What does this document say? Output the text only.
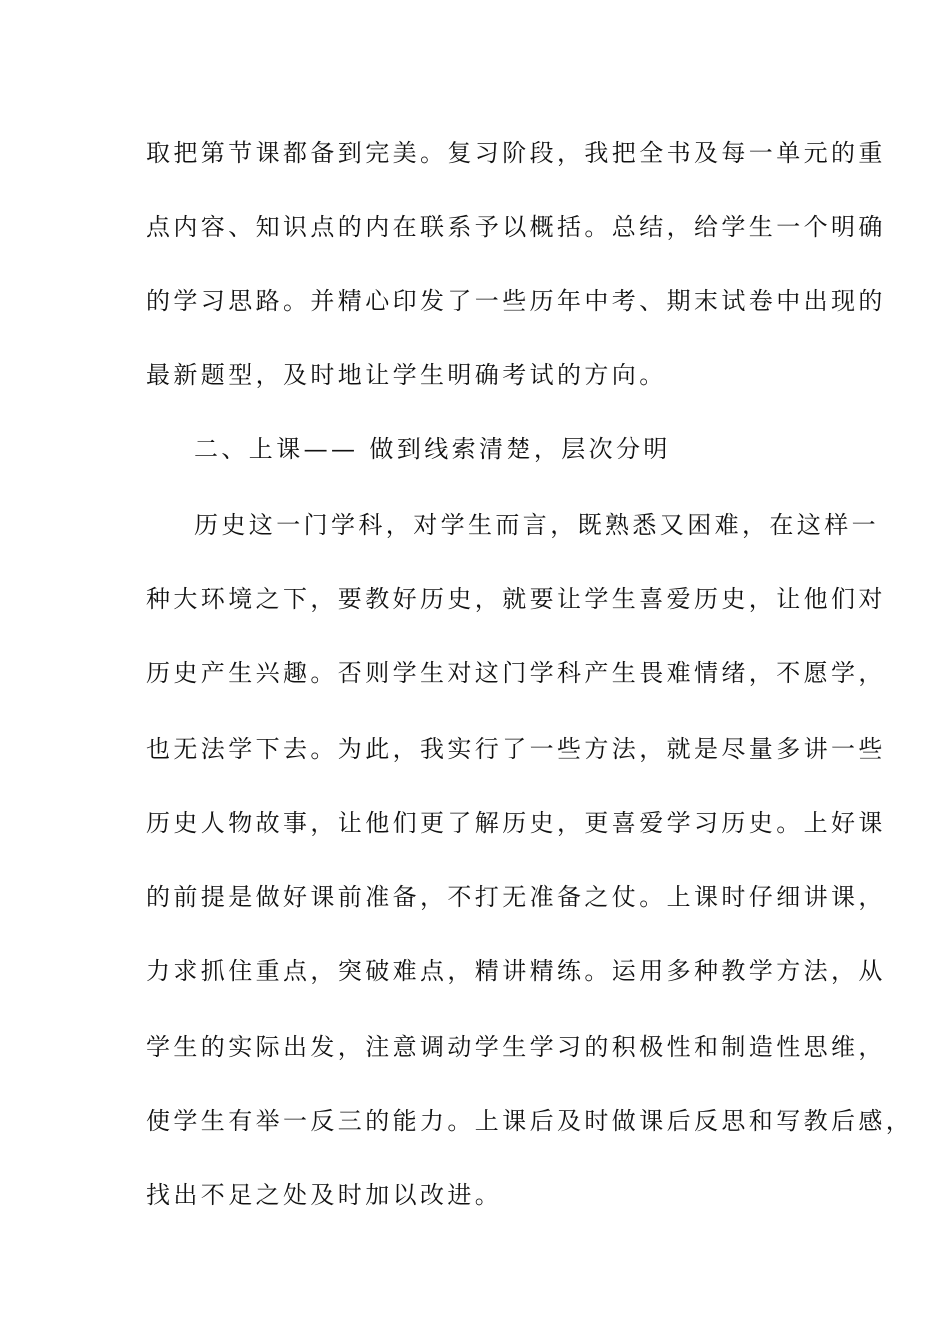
取把第节课都备到完美。复习阶段，我把全书及每一单元的重
点内容、知识点的内在联系予以概括。总结，给学生一个明确
的学习思路。并精心印发了一些历年中考、期末试卷中出现的
最新题型，及时地让学生明确考试的方向。
二、上课—— 做到线索清楚，层次分明
历史这一门学科，对学生而言，既熟悉又困难，在这样一
种大环境之下，要教好历史，就要让学生喜爱历史，让他们对
历史产生兴趣。否则学生对这门学科产生畏难情绪，不愿学，
也无法学下去。为此，我实行了一些方法，就是尽量多讲一些
历史人物故事，让他们更了解历史，更喜爱学习历史。上好课
的前提是做好课前准备，不打无准备之仗。上课时仔细讲课，
力求抓住重点，突破难点，精讲精练。运用多种教学方法，从
学生的实际出发，注意调动学生学习的积极性和制造性思维，
使学生有举一反三的能力。上课后及时做课后反思和写教后感，
找出不足之处及时加以改进。
